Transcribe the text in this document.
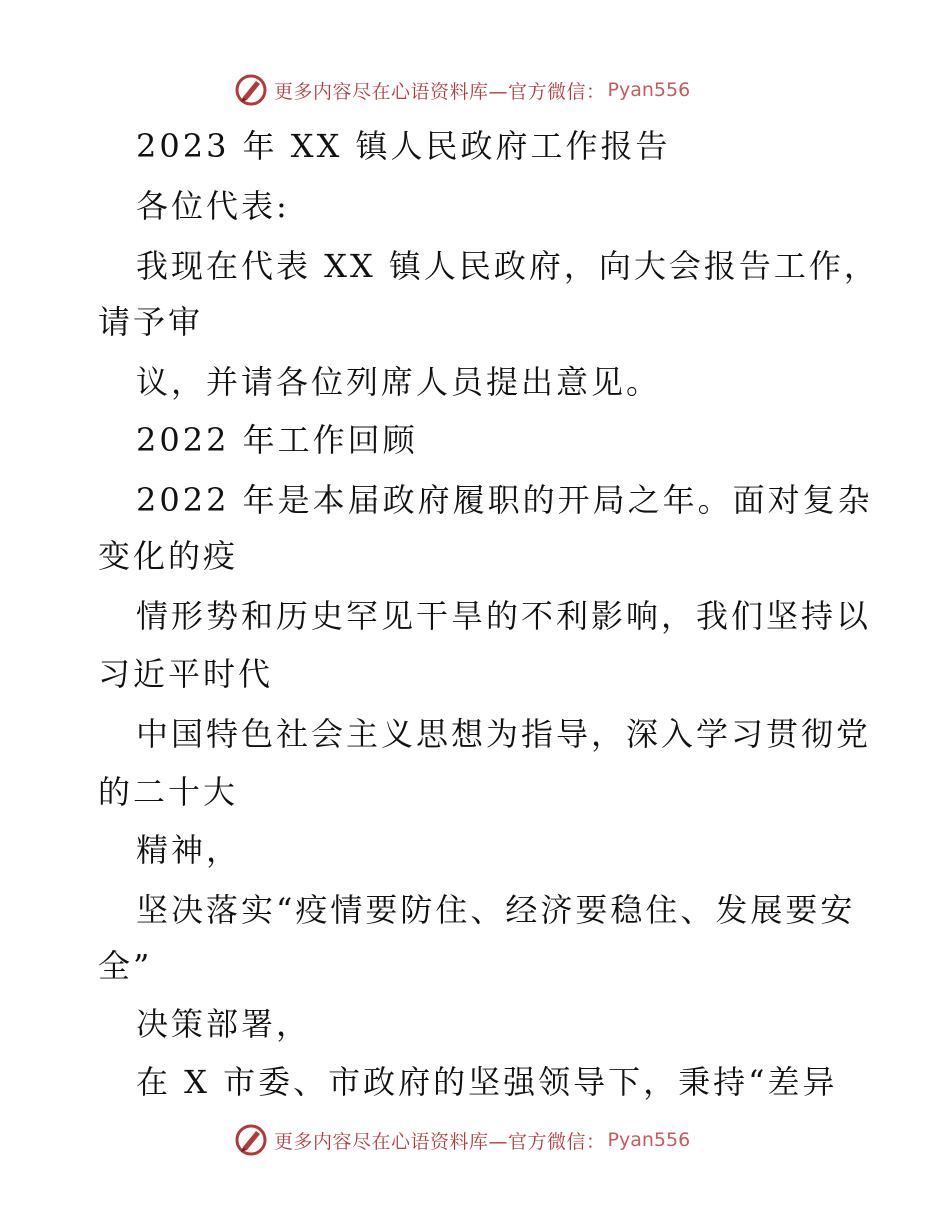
更多内容尽在心语资料库—官方微信： Pyan556
2023 年 XX 镇人民政府工作报告
各位代表:
我现在代表 XX 镇人民政府，向大会报告工作，
请予审
议，并请各位列席人员提出意见。
2022 年工作回顾
2022 年是本届政府履职的开局之年。面对复杂
变化的疫
情形势和历史罕见干旱的不利影响，我们坚持以
习近平时代
中国特色社会主义思想为指导，深入学习贯彻党
的二十大
精神，
坚决落实“疫情要防住、经济要稳住、发展要安
全”
决策部署，
在 X 市委、市政府的坚强领导下，秉持“差异
更多内容尽在心语资料库—官方微信： Pyan556
